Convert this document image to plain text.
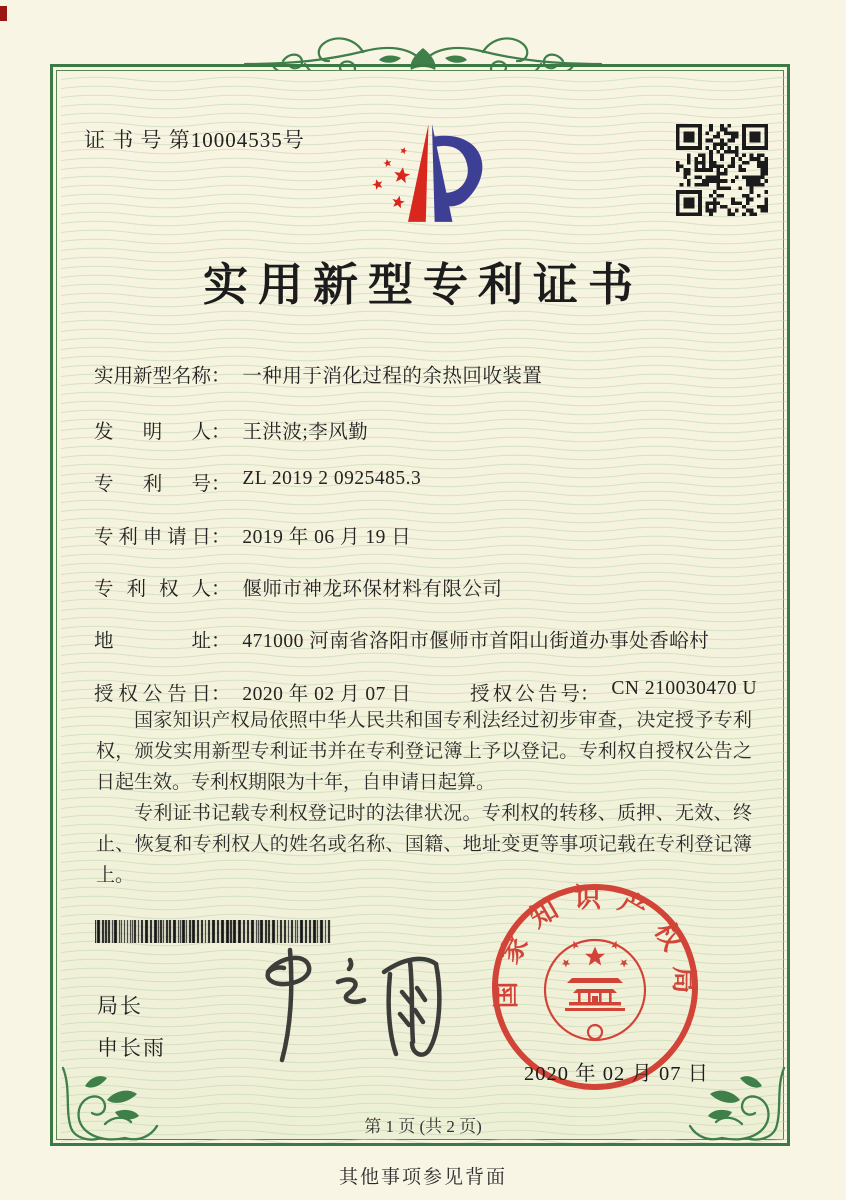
证 书 号 第10004535号
实用新型专利证书
实用新型名称： 一种用于消化过程的余热回收装置
发明人： 王洪波;李风勤
专利号： ZL 2019 2 0925485.3
专利申请日： 2019 年 06 月 19 日
专利权人： 偃师市神龙环保材料有限公司
地址： 471000 河南省洛阳市偃师市首阳山街道办事处香峪村
授权公告日： 2020 年 02 月 07 日	授权公告号： CN 210030470 U

国家知识产权局依照中华人民共和国专利法经过初步审查，决定授予专利权，颁发实用新型专利证书并在专利登记簿上予以登记。专利权自授权公告之日起生效。专利权期限为十年，自申请日起算。

专利证书记载专利权登记时的法律状况。专利权的转移、质押、无效、终止、恢复和专利权人的姓名或名称、国籍、地址变更等事项记载在专利登记簿上。

局长
申长雨
国家知识产权局
2020 年 02 月 07 日
第 1 页 (共 2 页)
其他事项参见背面
